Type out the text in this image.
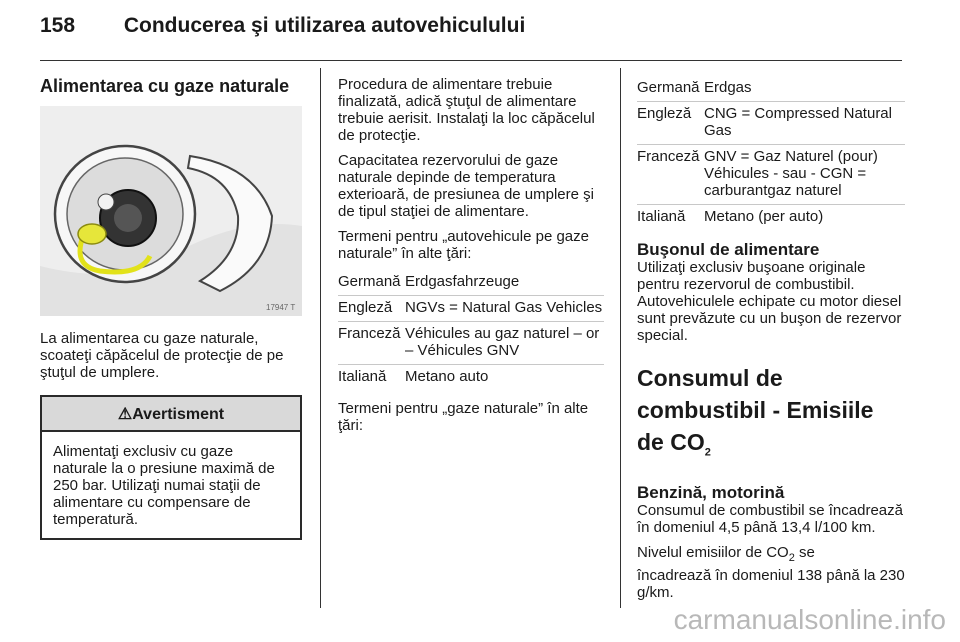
158 Conducerea şi utilizarea autovehiculului
Alimentarea cu gaze naturale
17947 T

La alimentarea cu gaze naturale, scoateţi căpăcelul de protecţie de pe ştuţul de umplere.

⚠Avertisment
Alimentaţi exclusiv cu gaze naturale la o presiune maximă de 250 bar. Utilizaţi numai staţii de alimentare cu compensare de temperatură.

Procedura de alimentare trebuie finalizată, adică ştuţul de alimentare trebuie aerisit. Instalaţi la loc căpăcelul de protecţie.

Capacitatea rezervorului de gaze naturale depinde de temperatura exterioară, de presiunea de umplere şi de tipul staţiei de alimentare.

Termeni pentru „autovehicule pe gaze naturale” în alte ţări:

Germană Erdgasfahrzeuge
Engleză NGVs = Natural Gas Vehicles
Franceză Véhicules au gaz naturel – or – Véhicules GNV
Italiană	Metano auto

Termeni pentru „gaze naturale” în alte ţări:

Germană Erdgas
Engleză CNG = Compressed Natural Gas
Franceză GNV = Gaz Naturel (pour) Véhicules - sau - CGN = carburantgaz naturel
Italiană	Metano (per auto)
Buşonul de alimentare

Utilizaţi exclusiv buşoane originale pentru rezervorul de combustibil. Autovehiculele echipate cu motor diesel sunt prevăzute cu un buşon de rezervor special.

Consumul de combustibil - Emisiile de $CO_2$
Benzină, motorină

Consumul de combustibil se încadrează în domeniul 4,5 până 13,4 l/100 km.

Nivelul emisiilor de $CO_2$ se

încadrează în domeniul 138 până la 230 g/km.

carmanualsonline.info
